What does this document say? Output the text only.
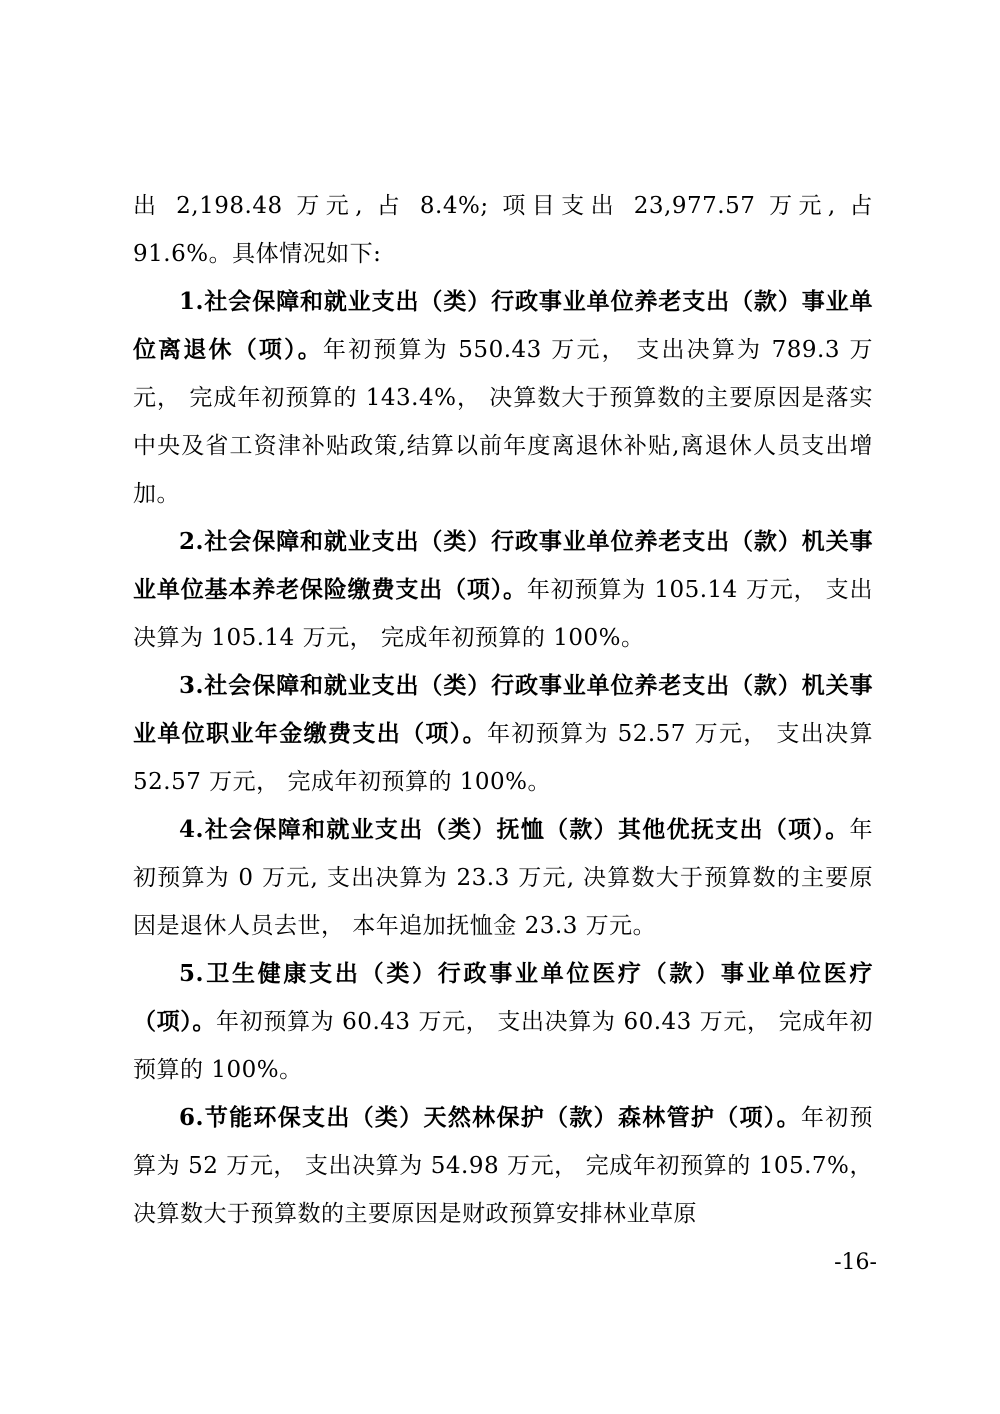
出 2,198.48 万元, 占 8.4%; 项目支出 23,977.57 万元, 占 91.6%。具体情况如下:

1.社会保障和就业支出（类）行政事业单位养老支出（款）事业单位离退休（项）。年初预算为 550.43 万元， 支出决算为 789.3 万元， 完成年初预算的 143.4%， 决算数大于预算数的主要原因是落实中央及省工资津补贴政策,结算以前年度离退休补贴,离退休人员支出增加。

2.社会保障和就业支出（类）行政事业单位养老支出（款）机关事业单位基本养老保险缴费支出（项）。年初预算为 105.14 万元， 支出决算为 105.14 万元， 完成年初预算的 100%。

3.社会保障和就业支出（类）行政事业单位养老支出（款）机关事业单位职业年金缴费支出（项）。年初预算为 52.57 万元， 支出决算 52.57 万元， 完成年初预算的 100%。

4.社会保障和就业支出（类）抚恤（款）其他优抚支出（项）。年初预算为 0 万元, 支出决算为 23.3 万元, 决算数大于预算数的主要原因是退休人员去世， 本年追加抚恤金 23.3 万元。

5.卫生健康支出（类）行政事业单位医疗（款）事业单位医疗（项）。年初预算为 60.43 万元， 支出决算为 60.43 万元， 完成年初预算的 100%。

6.节能环保支出（类）天然林保护（款）森林管护（项）。年初预算为 52 万元， 支出决算为 54.98 万元， 完成年初预算的 105.7%， 决算数大于预算数的主要原因是财政预算安排林业草原

-16-
